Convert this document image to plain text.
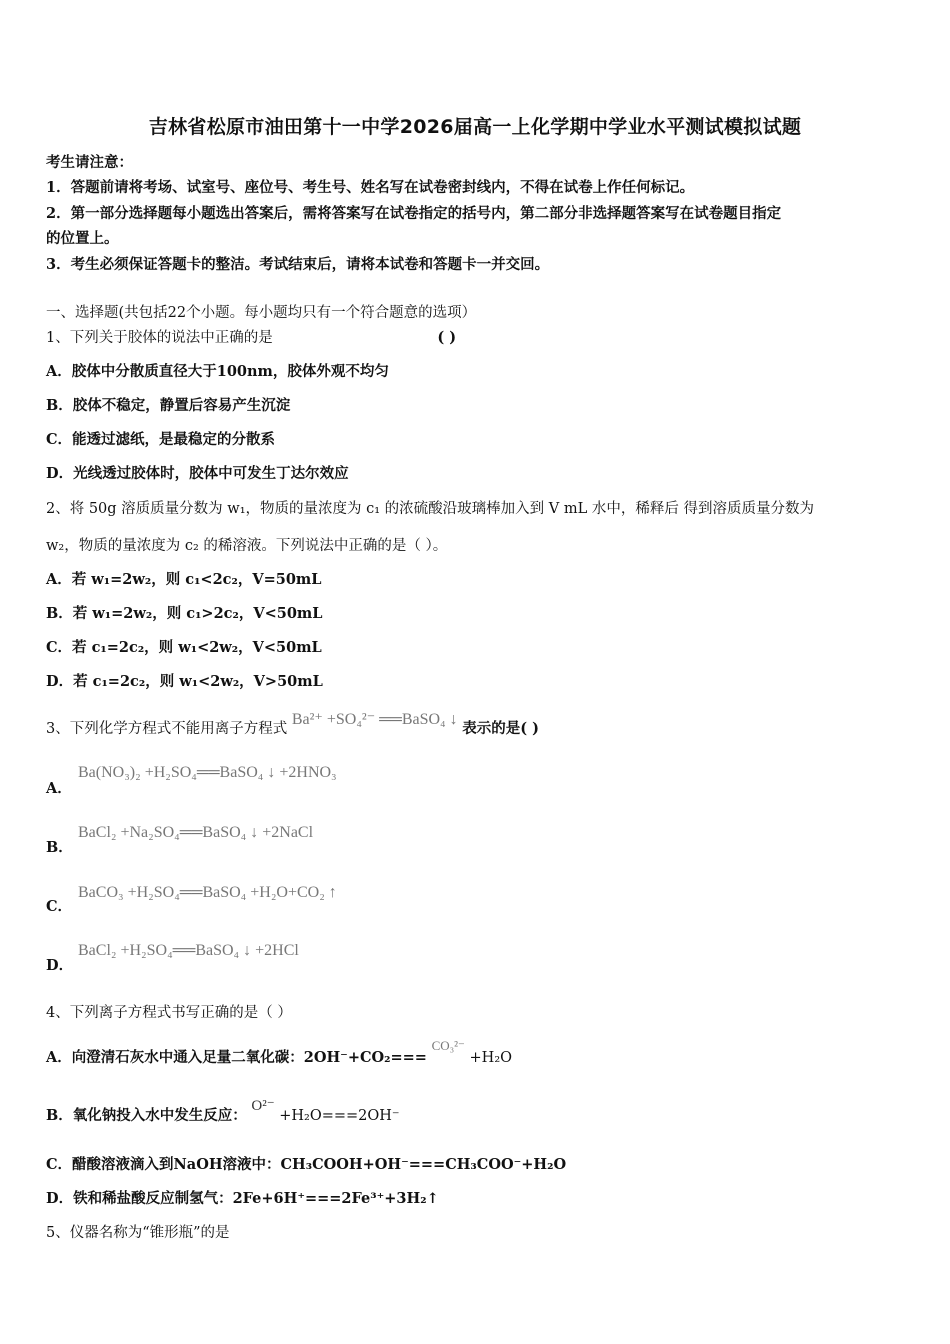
吉林省松原市油田第十一中学2026届高一上化学期中学业水平测试模拟试题
考生请注意：
1．答题前请将考场、试室号、座位号、考生号、姓名写在试卷密封线内，不得在试卷上作任何标记。
2．第一部分选择题每小题选出答案后，需将答案写在试卷指定的括号内，第二部分非选择题答案写在试卷题目指定
的位置上。
3．考生必须保证答题卡的整洁。考试结束后，请将本试卷和答题卡一并交回。
一、选择题(共包括22个小题。每小题均只有一个符合题意的选项）
1、下列关于胶体的说法中正确的是	( )
A．胶体中分散质直径大于100nm，胶体外观不均匀
B．胶体不稳定，静置后容易产生沉淀
C．能透过滤纸，是最稳定的分散系
D．光线透过胶体时，胶体中可发生丁达尔效应
2、将 50g 溶质质量分数为 w₁，物质的量浓度为 c₁ 的浓硫酸沿玻璃棒加入到 V mL 水中，稀释后 得到溶质质量分数为
w₂，物质的量浓度为 c₂ 的稀溶液。下列说法中正确的是（ ）。
A．若 w₁=2w₂，则 c₁<2c₂，V=50mL
B．若 w₁=2w₂，则 c₁>2c₂，V<50mL
C．若 c₁=2c₂，则 w₁<2w₂，V<50mL
D．若 c₁=2c₂，则 w₁<2w₂，V>50mL
3、下列化学方程式不能用离子方程式 Ba²⁺ +SO₄²⁻ ══BaSO₄ ↓ 表示的是( )
A．
Ba(NO₃)₂ +H₂SO₄══BaSO₄ ↓ +2HNO₃
B．
BaCl₂ +Na₂SO₄══BaSO₄ ↓ +2NaCl
C．
BaCO₃ +H₂SO₄══BaSO₄ +H₂O+CO₂ ↑
D．
BaCl₂ +H₂SO₄══BaSO₄ ↓ +2HCl
4、下列离子方程式书写正确的是（ ）
A．向澄清石灰水中通入足量二氧化碳：2OH⁻+CO₂=== CO₃²⁻ +H₂O
B．氧化钠投入水中发生反应： O²⁻ +H₂O===2OH⁻
C．醋酸溶液滴入到NaOH溶液中：CH₃COOH+OH⁻===CH₃COO⁻+H₂O
D．铁和稀盐酸反应制氢气：2Fe+6H⁺===2Fe³⁺+3H₂↑
5、仪器名称为“锥形瓶”的是
